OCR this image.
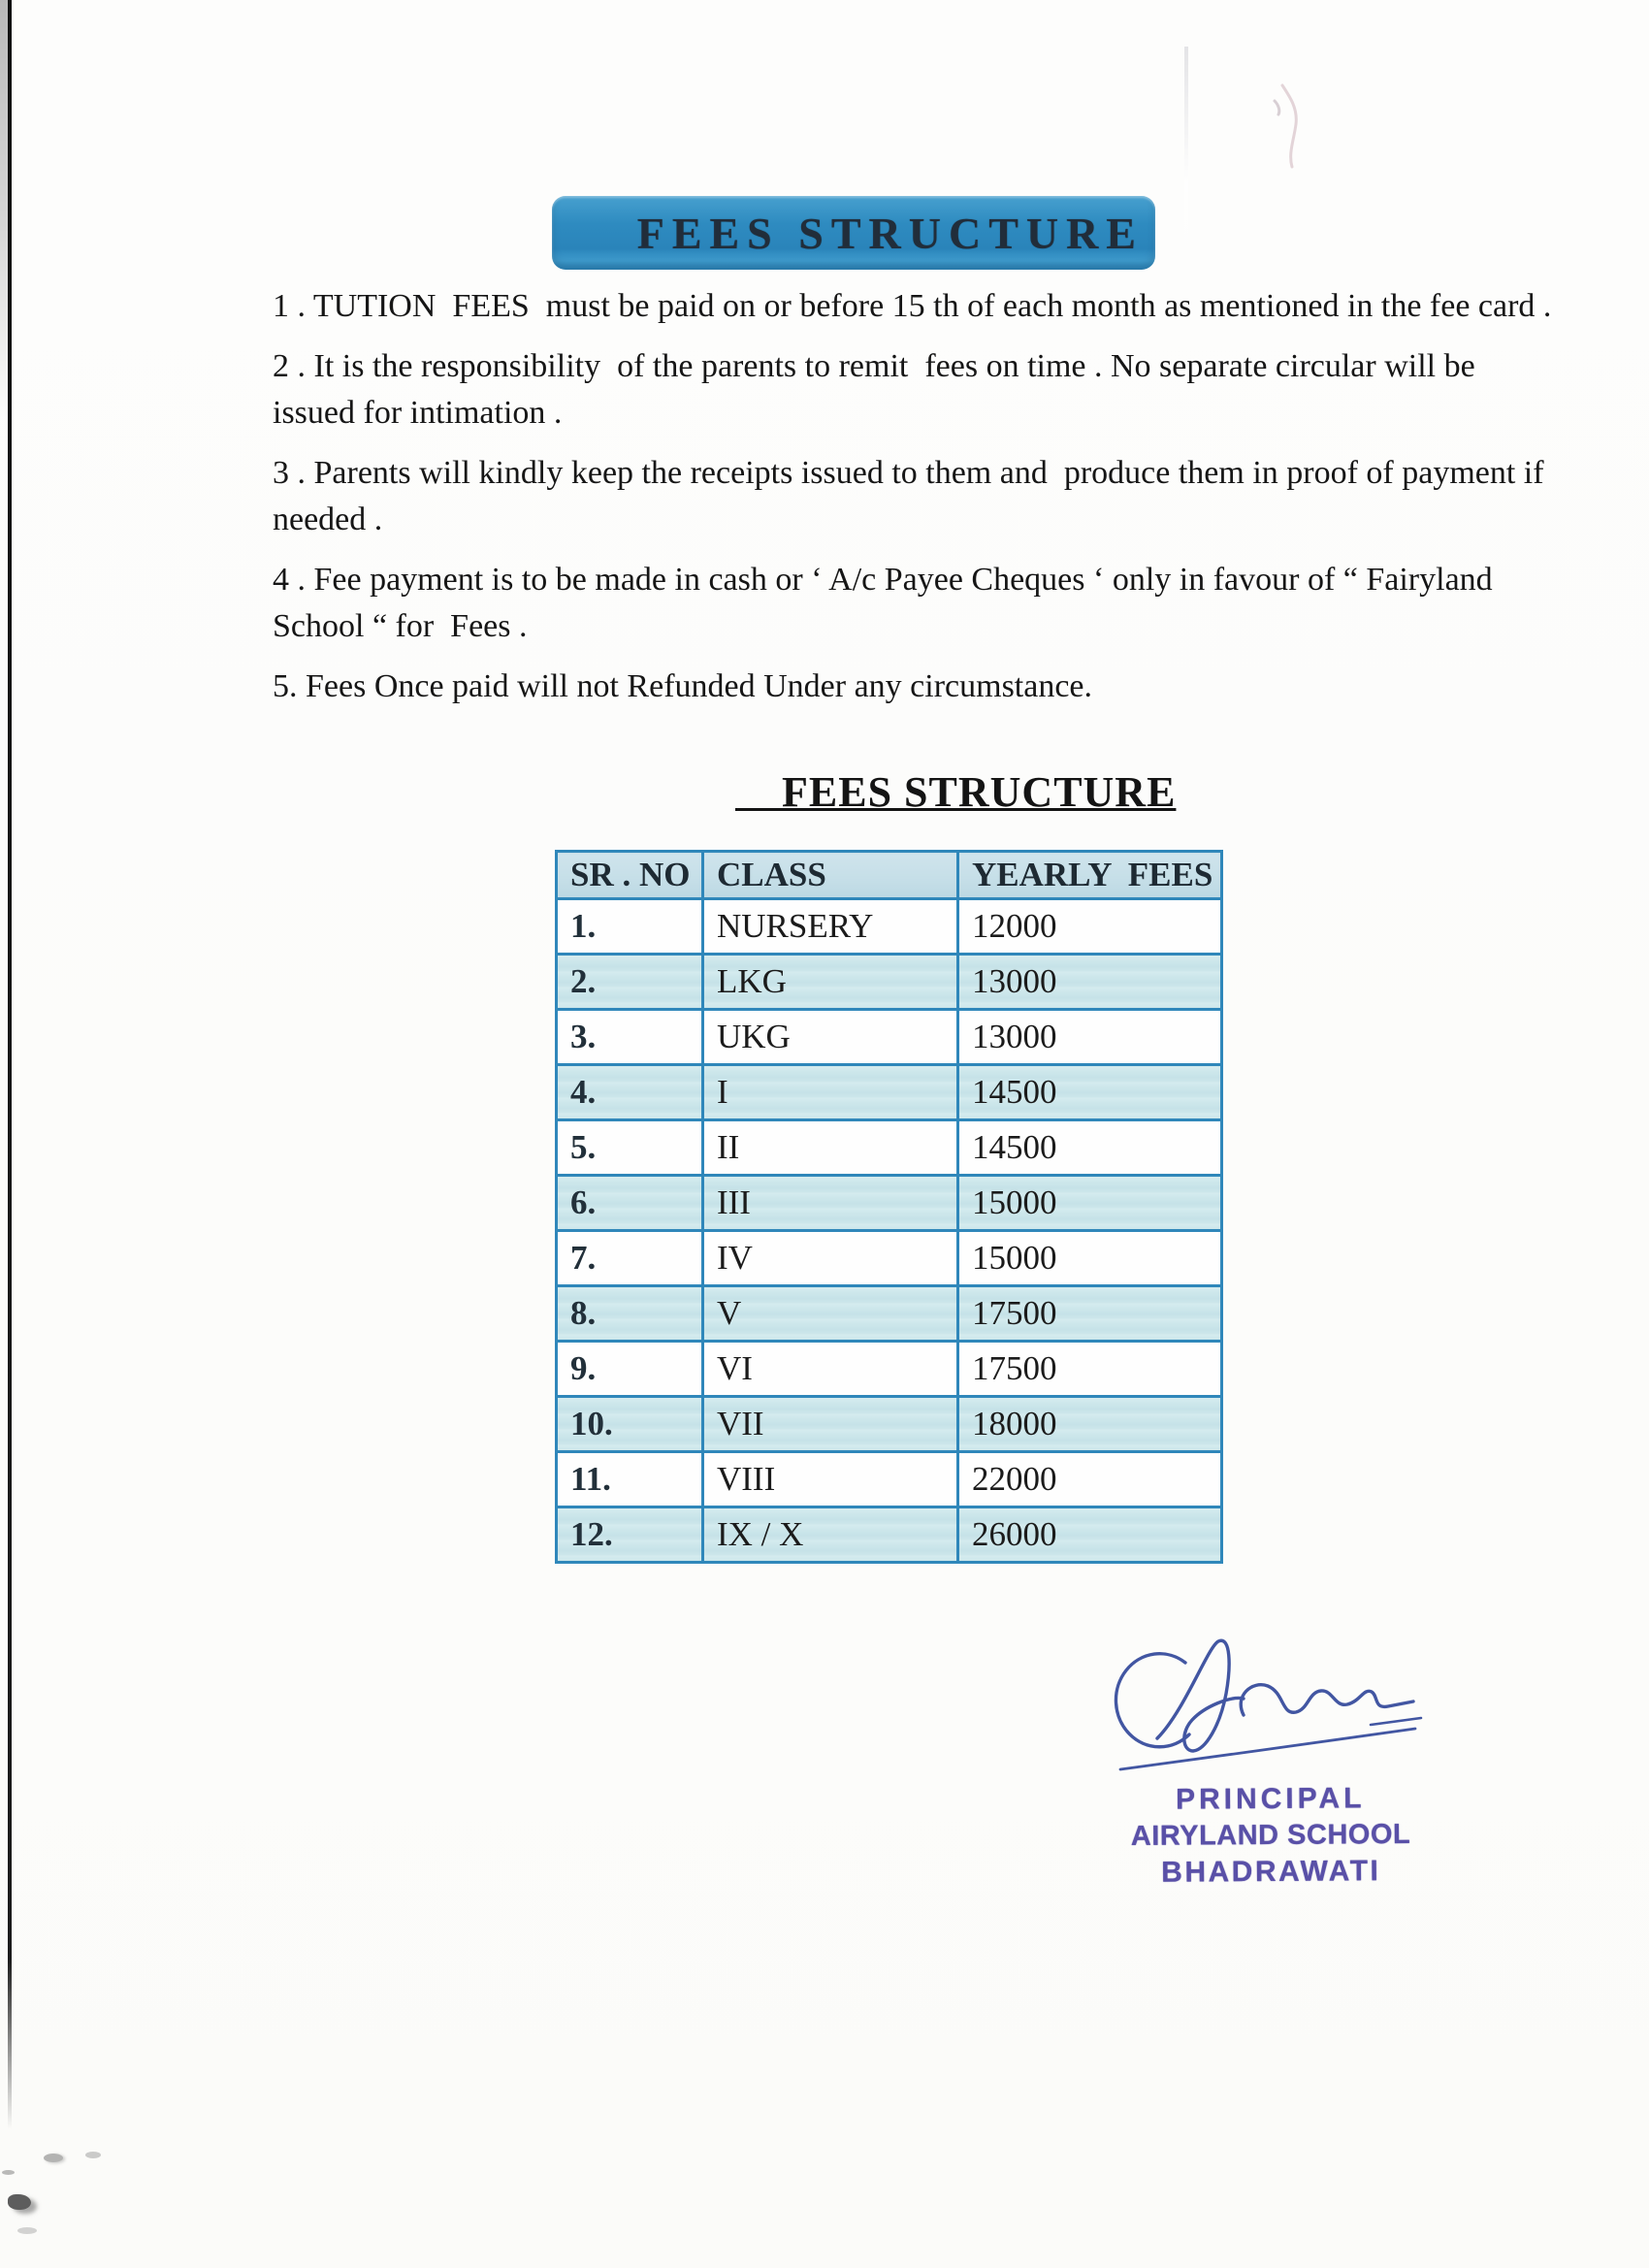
FEES STRUCTURE
1 . TUTION  FEES  must be paid on or before 15 th of each month as mentioned in the fee card .
2 . It is the responsibility  of the parents to remit  fees on time . No separate circular will be
issued for intimation .
3 . Parents will kindly keep the receipts issued to them and  produce them in proof of payment if
needed .
4 . Fee payment is to be made in cash or ‘ A/c Payee Cheques ‘ only in favour of “ Fairyland
School “ for  Fees .
5. Fees Once paid will not Refunded Under any circumstance.

FEES STRUCTURE

SR . NO	CLASS	YEARLY  FEES
1.	NURSERY	12000
2.	LKG	13000
3.	UKG	13000
4.	I	14500
5.	II	14500
6.	III	15000
7.	IV	15000
8.	V	17500
9.	VI	17500
10.	VII	18000
11.	VIII	22000
12.	IX / X	26000
PRINCIPAL
AIRYLAND SCHOOL
BHADRAWATI
